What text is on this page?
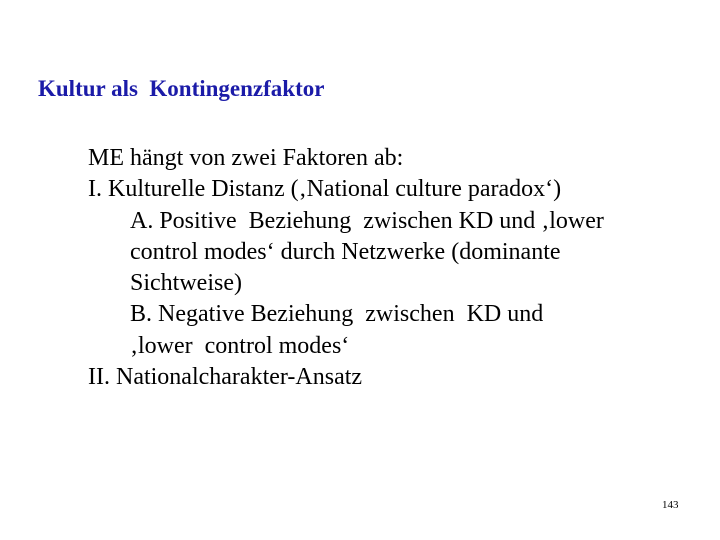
Kultur als  Kontingenzfaktor

ME hängt von zwei Faktoren ab:

I. Kulturelle Distanz (‚National culture paradox‘)

A. Positive  Beziehung  zwischen KD und ‚lower

control modes‘ durch Netzwerke (dominante

Sichtweise)

B. Negative Beziehung  zwischen  KD und

‚lower  control modes‘

II. Nationalcharakter-Ansatz

143
